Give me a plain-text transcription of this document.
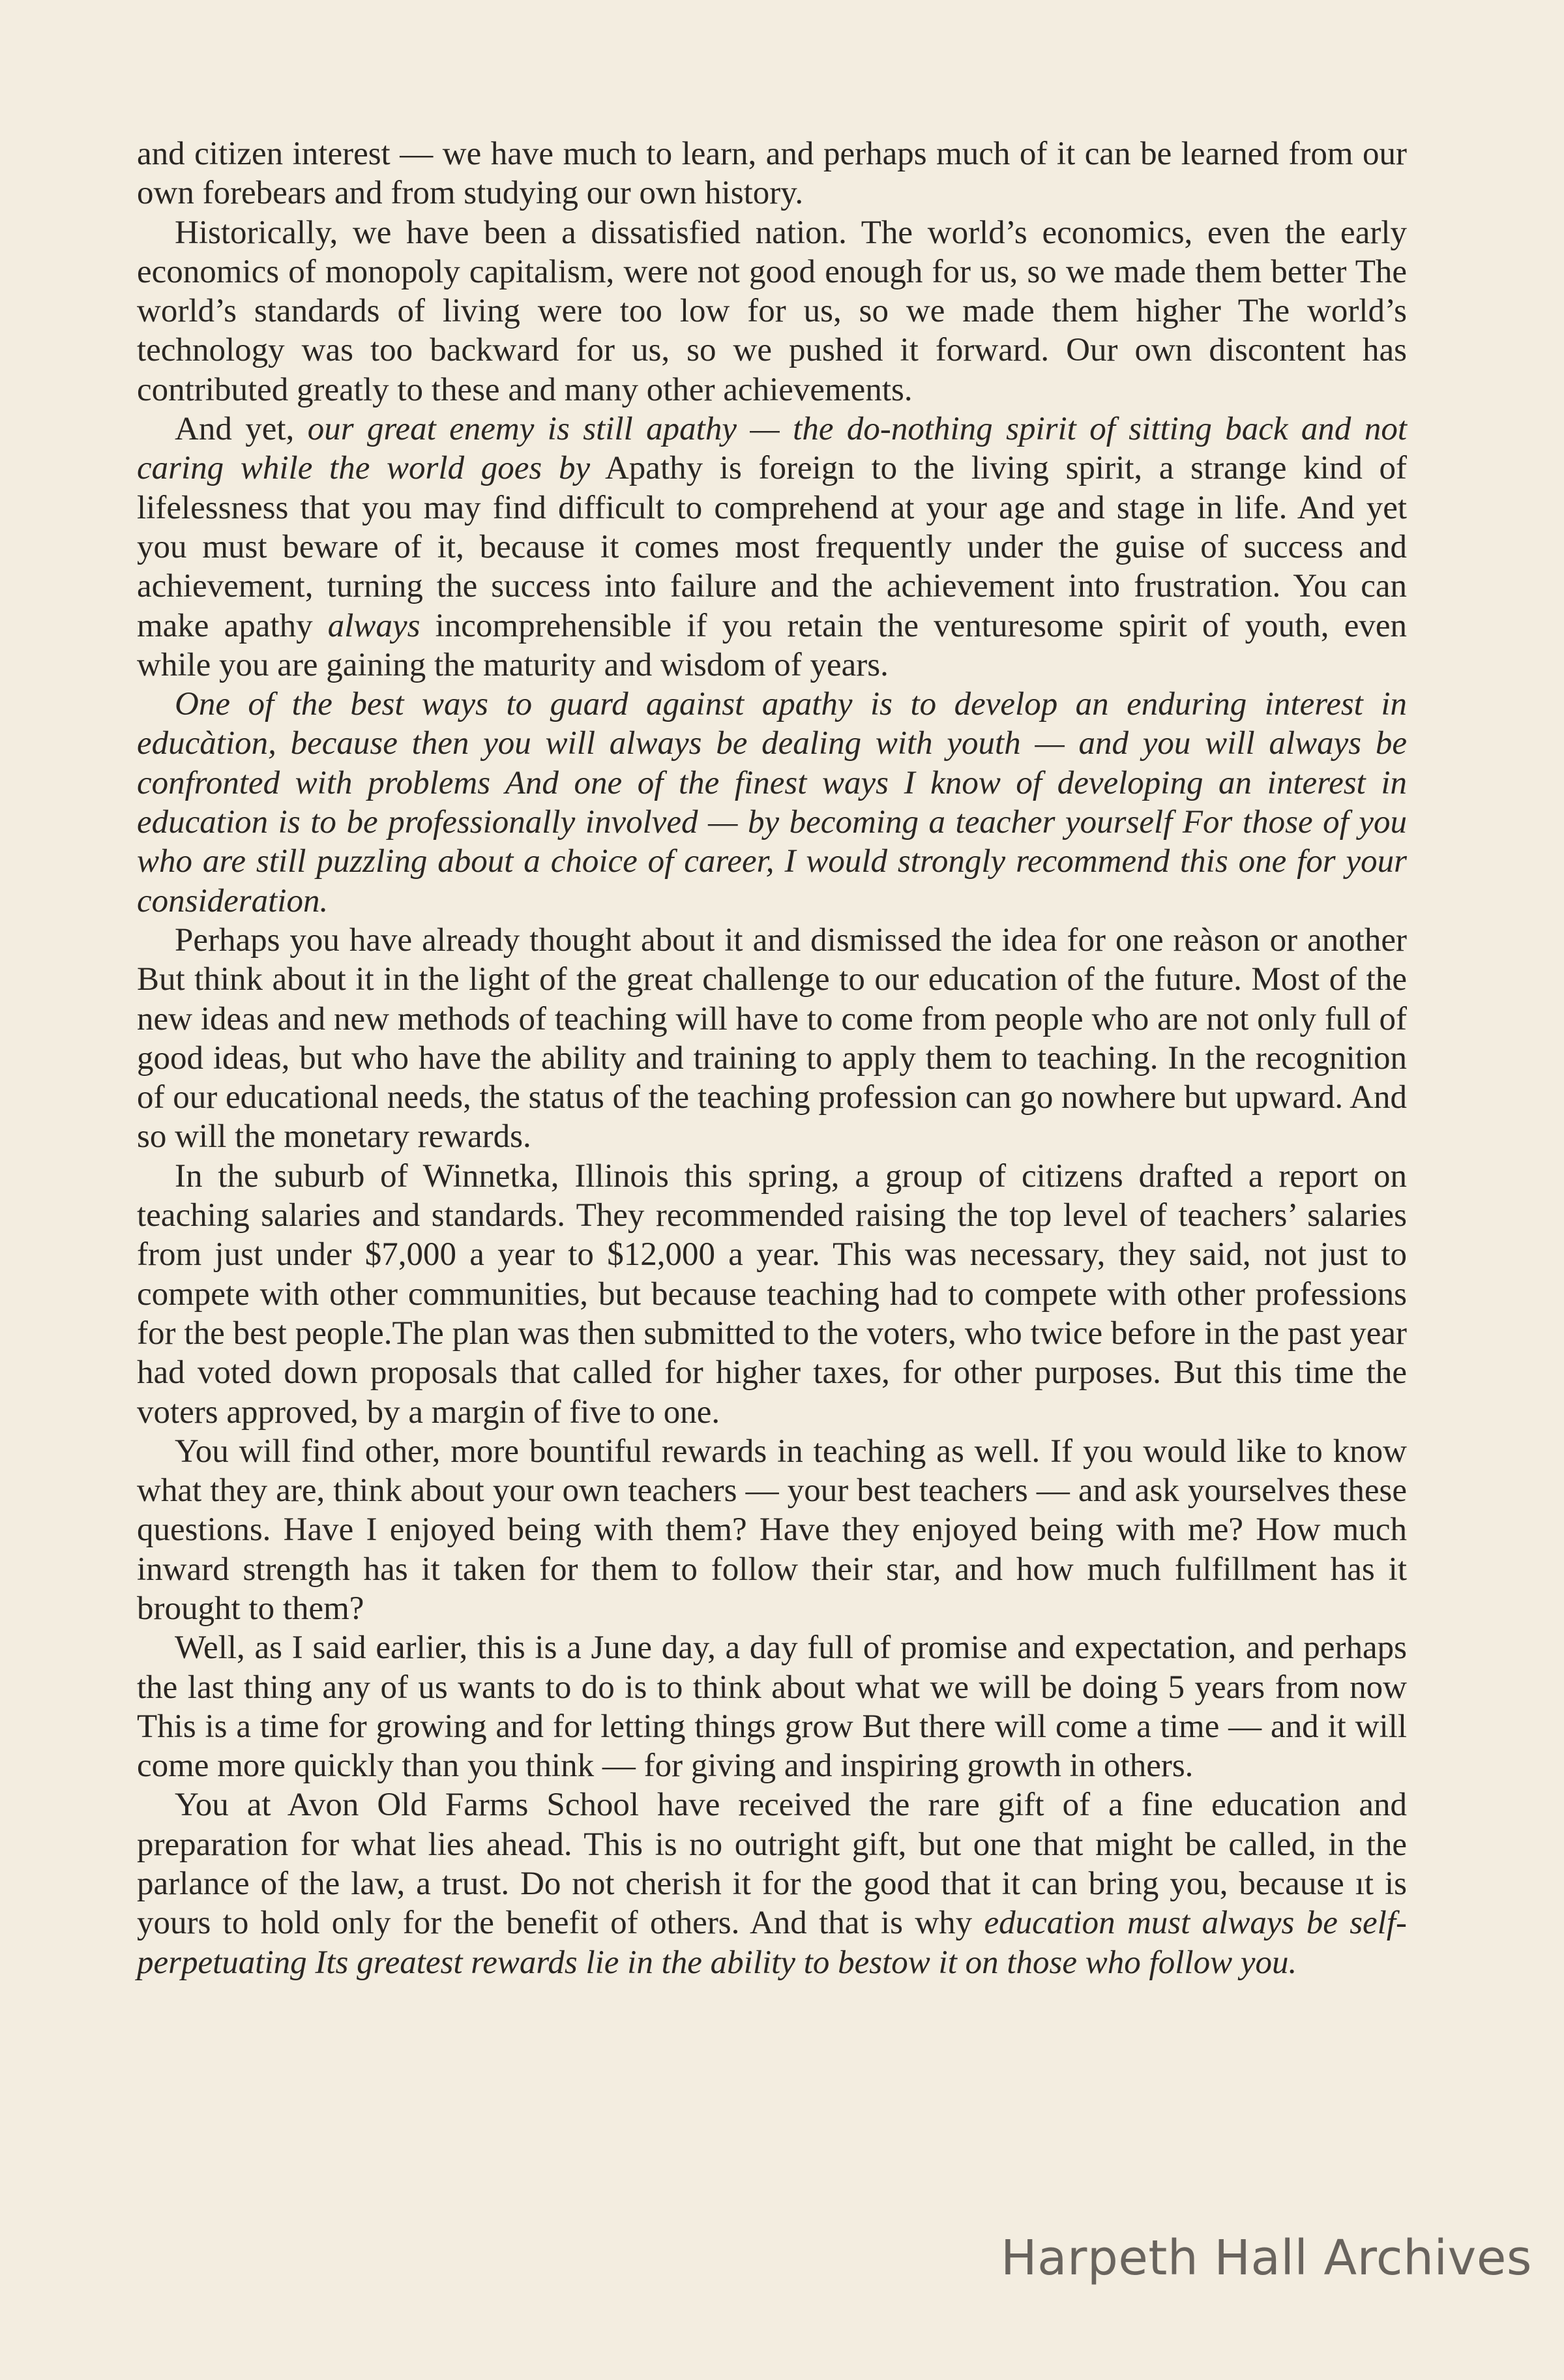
and citizen interest — we have much to learn, and perhaps much of it can be learned from our own forebears and from studying our own history.

Historically, we have been a dissatisfied nation. The world’s economics, even the early economics of monopoly capitalism, were not good enough for us, so we made them better The world’s standards of living were too low for us, so we made them higher The world’s technology was too backward for us, so we pushed it forward. Our own discontent has contributed greatly to these and many other achievements.

And yet, our great enemy is still apathy — the do-nothing spirit of sitting back and not caring while the world goes by Apathy is foreign to the living spirit, a strange kind of lifelessness that you may find difficult to comprehend at your age and stage in life. And yet you must beware of it, because it comes most frequently under the guise of success and achievement, turning the success into failure and the achievement into frustration. You can make apathy always incomprehensible if you retain the venturesome spirit of youth, even while you are gaining the maturity and wisdom of years.

One of the best ways to guard against apathy is to develop an enduring interest in educàtion, because then you will always be dealing with youth — and you will always be confronted with problems And one of the finest ways I know of developing an interest in education is to be professionally involved — by becoming a teacher yourself For those of you who are still puzzling about a choice of career, I would strongly recommend this one for your consideration.

Perhaps you have already thought about it and dismissed the idea for one reàson or another But think about it in the light of the great challenge to our education of the future. Most of the new ideas and new methods of teaching will have to come from people who are not only full of good ideas, but who have the ability and training to apply them to teaching. In the recognition of our educational needs, the status of the teaching profession can go nowhere but upward. And so will the monetary rewards.

In the suburb of Winnetka, Illinois this spring, a group of citizens drafted a report on teaching salaries and standards. They recommended raising the top level of teachers’ salaries from just under $7,000 a year to $12,000 a year. This was necessary, they said, not just to compete with other communities, but because teaching had to compete with other professions for the best people.The plan was then submitted to the voters, who twice before in the past year had voted down proposals that called for higher taxes, for other purposes. But this time the voters approved, by a margin of five to one.

You will find other, more bountiful rewards in teaching as well. If you would like to know what they are, think about your own teachers — your best teachers — and ask yourselves these questions. Have I enjoyed being with them? Have they enjoyed being with me? How much inward strength has it taken for them to follow their star, and how much fulfillment has it brought to them?

Well, as I said earlier, this is a June day, a day full of promise and expectation, and perhaps the last thing any of us wants to do is to think about what we will be doing 5 years from now This is a time for growing and for letting things grow But there will come a time — and it will come more quickly than you think — for giving and inspiring growth in others.

You at Avon Old Farms School have received the rare gift of a fine education and preparation for what lies ahead. This is no outright gift, but one that might be called, in the parlance of the law, a trust. Do not cherish it for the good that it can bring you, because ıt is yours to hold only for the benefit of others. And that is why education must always be self-perpetuating Its greatest rewards lie in the ability to bestow it on those who follow you.

Harpeth Hall Archives
